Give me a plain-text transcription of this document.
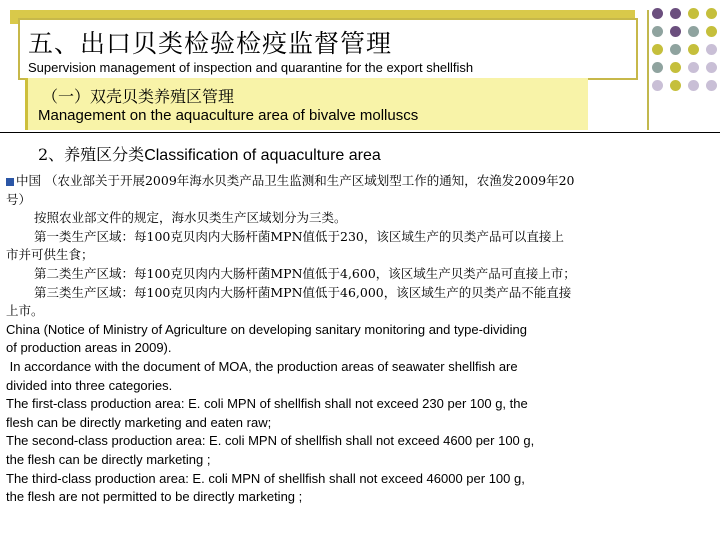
五、出口贝类检验检疫监督管理
Supervision management of inspection and quarantine for the export shellfish
（一）双壳贝类养殖区管理
Management on the aquaculture area of bivalve molluscs
2、养殖区分类Classification of aquaculture area

中国 （农业部关于开展2009年海水贝类产品卫生监测和生产区域划型工作的通知，农渔发2009年20

号）

按照农业部文件的规定，海水贝类生产区域划分为三类。

第一类生产区域：每100克贝肉内大肠杆菌MPN值低于230，该区域生产的贝类产品可以直接上

市并可供生食；

第二类生产区域：每100克贝肉内大肠杆菌MPN值低于4,600，该区域生产贝类产品可直接上市；

第三类生产区域：每100克贝肉内大肠杆菌MPN值低于46,000，该区域生产的贝类产品不能直接

上市。

China (Notice of Ministry of Agriculture on developing sanitary monitoring and type-dividing

of production areas in 2009).

In accordance with the document of MOA, the production areas of seawater shellfish are

divided into three categories.

The first-class production area: E. coli MPN of shellfish shall not exceed 230 per 100 g, the

flesh can be directly marketing and eaten raw;

The second-class production area: E. coli MPN of shellfish shall not exceed 4600 per 100 g,

the flesh can be directly marketing ;

The third-class production area: E. coli MPN of shellfish shall not exceed 46000 per 100 g,

the flesh are not permitted to be directly marketing ;
